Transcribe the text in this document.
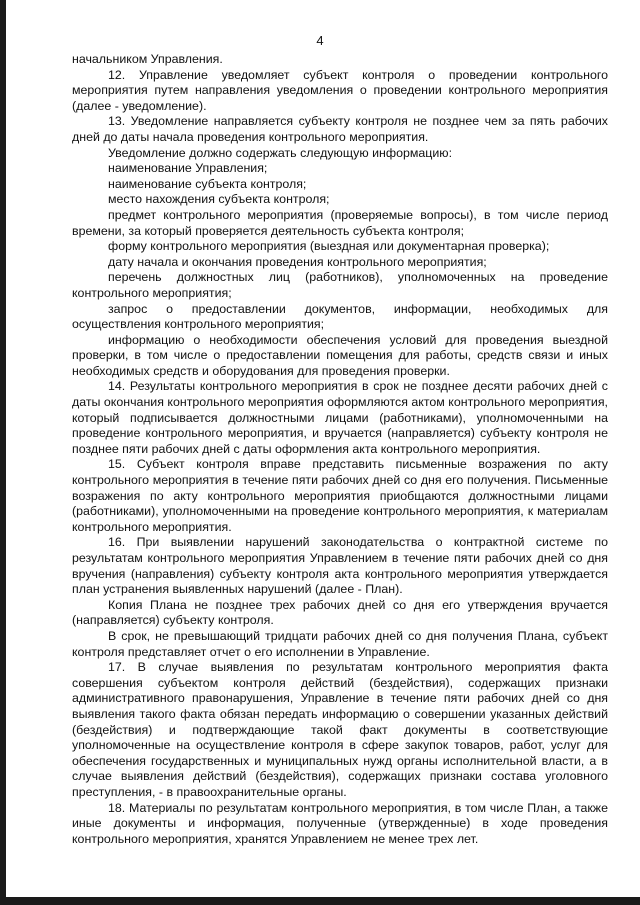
4

начальником Управления.

12. Управление уведомляет субъект контроля о проведении контрольного мероприятия путем направления уведомления о проведении контрольного мероприятия (далее - уведомление).

13. Уведомление направляется субъекту контроля не позднее чем за пять рабочих дней до даты начала проведения контрольного мероприятия.

Уведомление должно содержать следующую информацию:

наименование Управления;

наименование субъекта контроля;

место нахождения субъекта контроля;

предмет контрольного мероприятия (проверяемые вопросы), в том числе период времени, за который проверяется деятельность субъекта контроля;

форму контрольного мероприятия (выездная или документарная проверка);

дату начала и окончания проведения контрольного мероприятия;

перечень должностных лиц (работников), уполномоченных на проведение контрольного мероприятия;

запрос о предоставлении документов, информации, необходимых для осуществления контрольного мероприятия;

информацию о необходимости обеспечения условий для проведения выездной проверки, в том числе о предоставлении помещения для работы, средств связи и иных необходимых средств и оборудования для проведения проверки.

14. Результаты контрольного мероприятия в срок не позднее десяти рабочих дней с даты окончания контрольного мероприятия оформляются актом контрольного мероприятия, который подписывается должностными лицами (работниками), уполномоченными на проведение контрольного мероприятия, и вручается (направляется) субъекту контроля не позднее пяти рабочих дней с даты оформления акта контрольного мероприятия.

15. Субъект контроля вправе представить письменные возражения по акту контрольного мероприятия в течение пяти рабочих дней со дня его получения. Письменные возражения по акту контрольного мероприятия приобщаются должностными лицами (работниками), уполномоченными на проведение контрольного мероприятия, к материалам контрольного мероприятия.

16. При выявлении нарушений законодательства о контрактной системе по результатам контрольного мероприятия Управлением в течение пяти рабочих дней со дня вручения (направления) субъекту контроля акта контрольного мероприятия утверждается план устранения выявленных нарушений (далее - План).

Копия Плана не позднее трех рабочих дней со дня его утверждения вручается (направляется) субъекту контроля.

В срок, не превышающий тридцати рабочих дней со дня получения Плана, субъект контроля представляет отчет о его исполнении в Управление.

17. В случае выявления по результатам контрольного мероприятия факта совершения субъектом контроля действий (бездействия), содержащих признаки административного правонарушения, Управление в течение пяти рабочих дней со дня выявления такого факта обязан передать информацию о совершении указанных действий (бездействия) и подтверждающие такой факт документы в соответствующие уполномоченные на осуществление контроля в сфере закупок товаров, работ, услуг для обеспечения государственных и муниципальных нужд органы исполнительной власти, а в случае выявления действий (бездействия), содержащих признаки состава уголовного преступления, - в правоохранительные органы.

18. Материалы по результатам контрольного мероприятия, в том числе План, а также иные документы и информация, полученные (утвержденные) в ходе проведения контрольного мероприятия, хранятся Управлением не менее трех лет.
